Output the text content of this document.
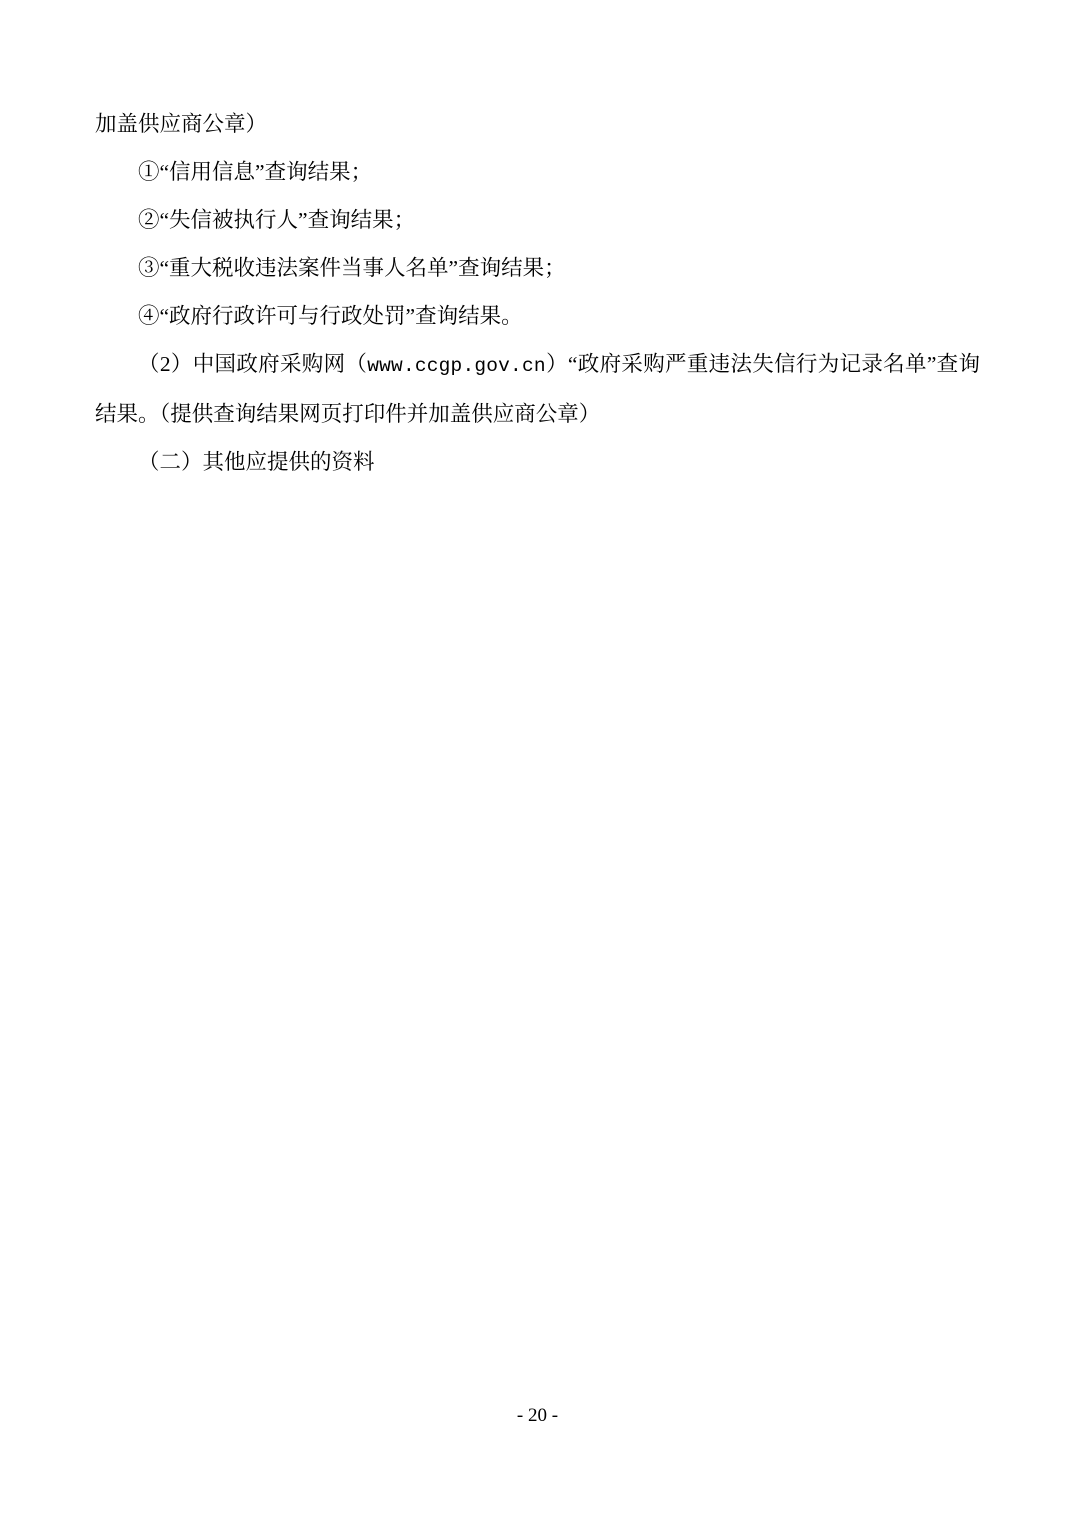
加盖供应商公章）

①“信用信息”查询结果；

②“失信被执行人”查询结果；

③“重大税收违法案件当事人名单”查询结果；

④“政府行政许可与行政处罚”查询结果。

（2）中国政府采购网（www.ccgp.gov.cn）“政府采购严重违法失信行为记录名单”查询结果。（提供查询结果网页打印件并加盖供应商公章）

（二）其他应提供的资料

- 20 -
